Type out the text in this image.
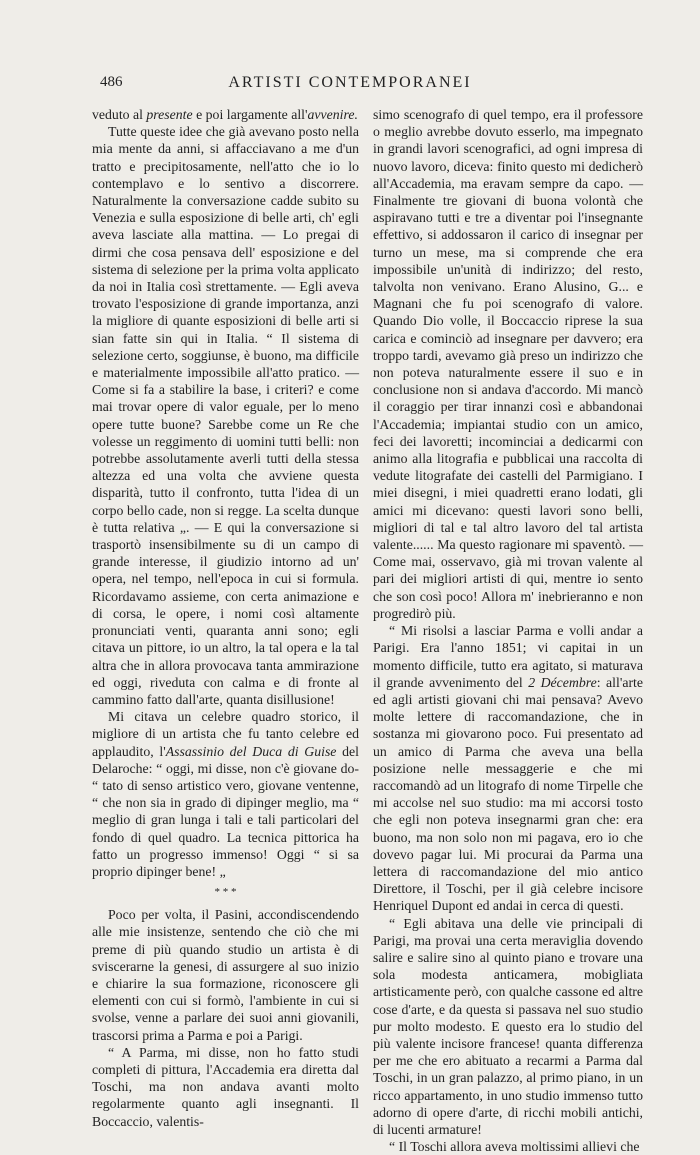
486	ARTISTI CONTEMPORANEI

veduto al presente e poi largamente all'avvenire.

Tutte queste idee che già avevano posto nella mia mente da anni, si affacciavano a me d'un tratto e precipitosamente, nell'atto che io lo contemplavo e lo sentivo a discorrere. Naturalmente la conversazione cadde subito su Venezia e sulla esposizione di belle arti, ch' egli aveva lasciate alla mattina. — Lo pregai di dirmi che cosa pensava dell' esposizione e del sistema di selezione per la prima volta applicato da noi in Italia così strettamente. — Egli aveva trovato l'esposizione di grande importanza, anzi la migliore di quante esposizioni di belle arti si sian fatte sin qui in Italia. “ Il sistema di selezione certo, soggiunse, è buono, ma difficile e materialmente impossibile all'atto pratico. — Come si fa a stabilire la base, i criteri? e come mai trovar opere di valor eguale, per lo meno opere tutte buone? Sarebbe come un Re che volesse un reggimento di uomini tutti belli: non potrebbe assolutamente averli tutti della stessa altezza ed una volta che avviene questa disparità, tutto il confronto, tutta l'idea di un corpo bello cade, non si regge. La scelta dunque è tutta relativa „. — E qui la conversazione si trasportò insensibilmente su di un campo di grande interesse, il giudizio intorno ad un' opera, nel tempo, nell'epoca in cui si formula. Ricordavamo assieme, con certa animazione e di corsa, le opere, i nomi così altamente pronunciati venti, quaranta anni sono; egli citava un pittore, io un altro, la tal opera e la tal altra che in allora provocava tanta ammirazione ed oggi, riveduta con calma e di fronte al cammino fatto dall'arte, quanta disillusione!

Mi citava un celebre quadro storico, il migliore di un artista che fu tanto celebre ed applaudito, l'Assassinio del Duca di Guise del Delaroche: “ oggi, mi disse, non c'è giovane do- “ tato di senso artistico vero, giovane ventenne, “ che non sia in grado di dipinger meglio, ma “ meglio di gran lunga i tali e tali particolari del fondo di quel quadro. La tecnica pittorica ha fatto un progresso immenso! Oggi “ si sa proprio dipinger bene! „

* * *

Poco per volta, il Pasini, accondiscendendo alle mie insistenze, sentendo che ciò che mi preme di più quando studio un artista è di sviscerarne la genesi, di assurgere al suo inizio e chiarire la sua formazione, riconoscere gli elementi con cui si formò, l'ambiente in cui si svolse, venne a parlare dei suoi anni giovanili, trascorsi prima a Parma e poi a Parigi.

“ A Parma, mi disse, non ho fatto studi completi di pittura, l'Accademia era diretta dal Toschi, ma non andava avanti molto regolarmente quanto agli insegnanti. Il Boccaccio, valentis-

simo scenografo di quel tempo, era il professore o meglio avrebbe dovuto esserlo, ma impegnato in grandi lavori scenografici, ad ogni impresa di nuovo lavoro, diceva: finito questo mi dedicherò all'Accademia, ma eravam sempre da capo. — Finalmente tre giovani di buona volontà che aspiravano tutti e tre a diventar poi l'insegnante effettivo, si addossaron il carico di insegnar per turno un mese, ma si comprende che era impossibile un'unità di indirizzo; del resto, talvolta non venivano. Erano Alusino, G... e Magnani che fu poi scenografo di valore. Quando Dio volle, il Boccaccio riprese la sua carica e cominciò ad insegnare per davvero; era troppo tardi, avevamo già preso un indirizzo che non poteva naturalmente essere il suo e in conclusione non si andava d'accordo. Mi mancò il coraggio per tirar innanzi così e abbandonai l'Accademia; impiantai studio con un amico, feci dei lavoretti; incominciai a dedicarmi con animo alla litografia e pubblicai una raccolta di vedute litografate dei castelli del Parmigiano. I miei disegni, i miei quadretti erano lodati, gli amici mi dicevano: questi lavori sono belli, migliori di tal e tal altro lavoro del tal artista valente...... Ma questo ragionare mi spaventò. — Come mai, osservavo, già mi trovan valente al pari dei migliori artisti di qui, mentre io sento che son così poco! Allora m' inebrieranno e non progredirò più.

“ Mi risolsi a lasciar Parma e volli andar a Parigi. Era l'anno 1851; vi capitai in un momento difficile, tutto era agitato, si maturava il grande avvenimento del 2 Décembre: all'arte ed agli artisti giovani chi mai pensava? Avevo molte lettere di raccomandazione, che in sostanza mi giovarono poco. Fui presentato ad un amico di Parma che aveva una bella posizione nelle messaggerie e che mi raccomandò ad un litografo di nome Tirpelle che mi accolse nel suo studio: ma mi accorsi tosto che egli non poteva insegnarmi gran che: era buono, ma non solo non mi pagava, ero io che dovevo pagar lui. Mi procurai da Parma una lettera di raccomandazione del mio antico Direttore, il Toschi, per il già celebre incisore Henriquel Dupont ed andai in cerca di questi.

“ Egli abitava una delle vie principali di Parigi, ma provai una certa meraviglia dovendo salire e salire sino al quinto piano e trovare una sola modesta anticamera, mobigliata artisticamente però, con qualche cassone ed altre cose d'arte, e da questa si passava nel suo studio pur molto modesto. E questo era lo studio del più valente incisore francese! quanta differenza per me che ero abituato a recarmi a Parma dal Toschi, in un gran palazzo, al primo piano, in un ricco appartamento, in uno studio immenso tutto adorno di opere d'arte, di ricchi mobili antichi, di lucenti armature!

“ Il Toschi allora aveva moltissimi allievi che
